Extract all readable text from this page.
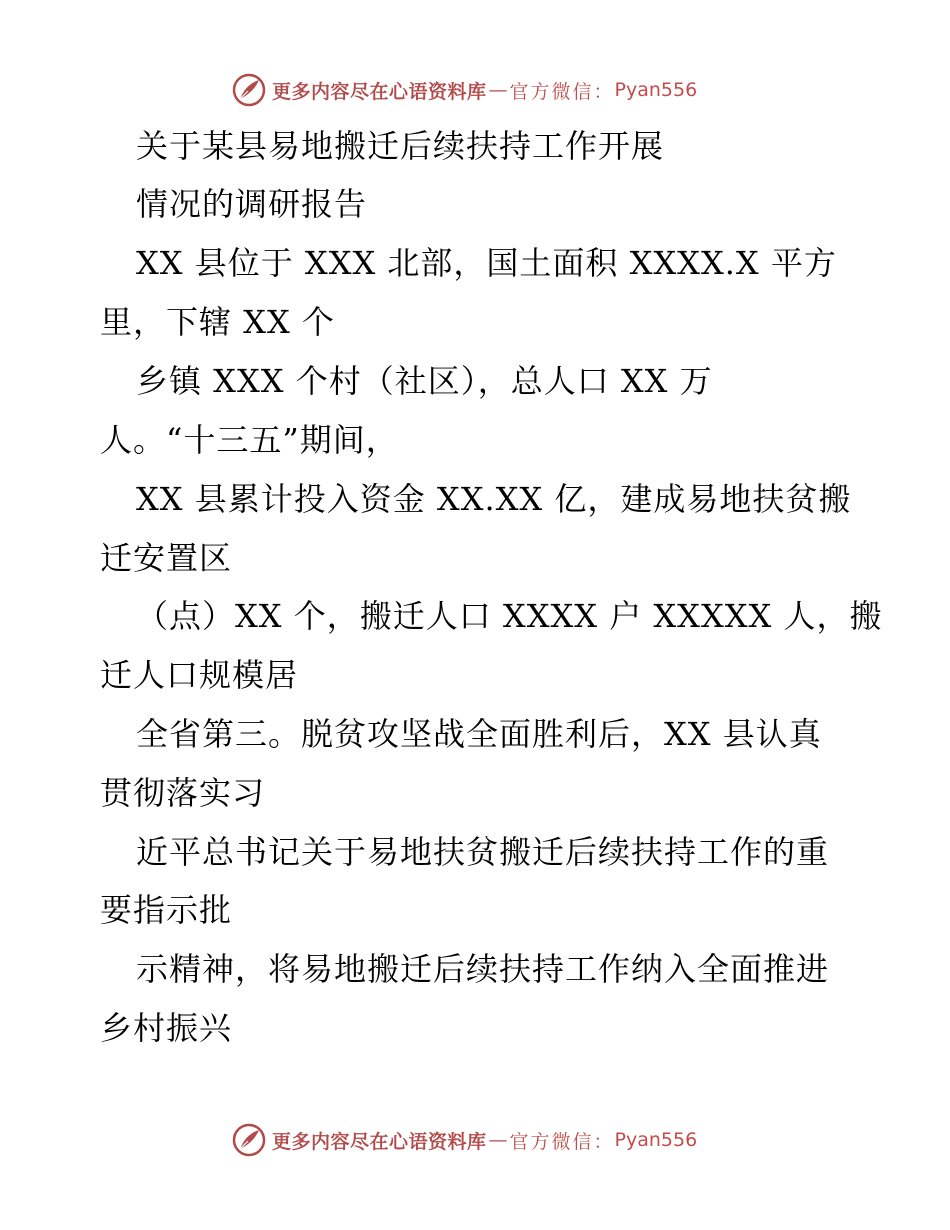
更多内容尽在心语资料库 — 官方微信： Pyan556
关于某县易地搬迁后续扶持工作开展
情况的调研报告
XX 县位于 XXX 北部，国土面积 XXXX.X 平方
里，下辖 XX 个
乡镇 XXX 个村（社区），总人口 XX 万
人。“十三五”期间，
XX 县累计投入资金 XX.XX 亿，建成易地扶贫搬
迁安置区
（点）XX 个，搬迁人口 XXXX 户 XXXXX 人，搬
迁人口规模居
全省第三。脱贫攻坚战全面胜利后，XX 县认真
贯彻落实习
近平总书记关于易地扶贫搬迁后续扶持工作的重
要指示批
示精神，将易地搬迁后续扶持工作纳入全面推进
乡村振兴
更多内容尽在心语资料库 — 官方微信： Pyan556
